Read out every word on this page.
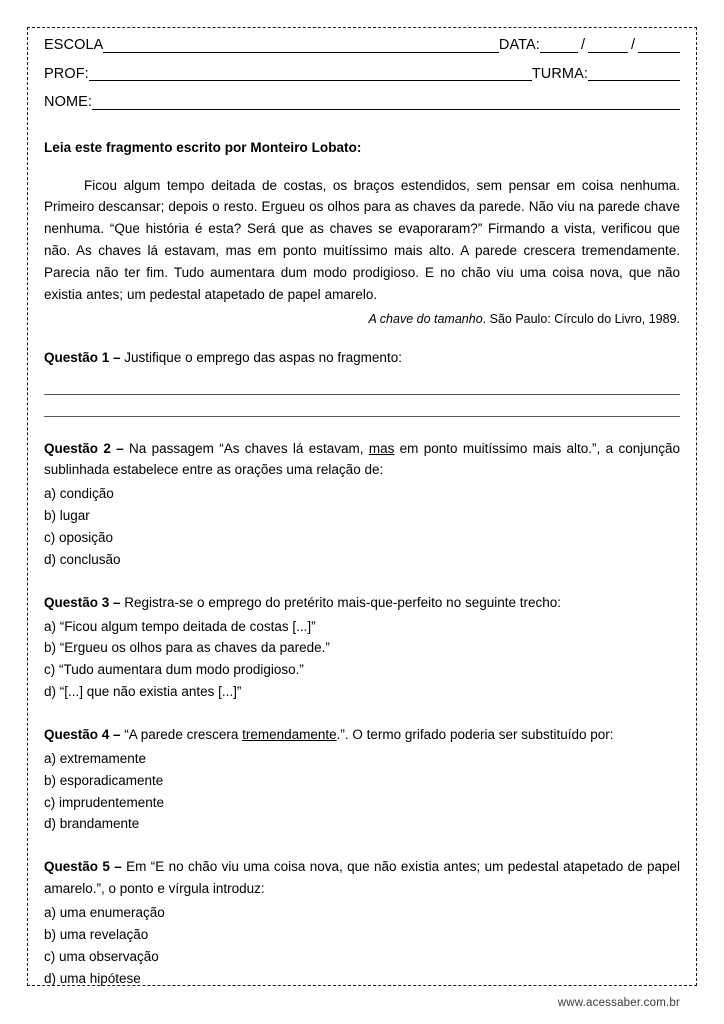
ESCOLA	DATA:	/	/
PROF:	TURMA:
NOME:
Leia este fragmento escrito por Monteiro Lobato:
Ficou algum tempo deitada de costas, os braços estendidos, sem pensar em coisa nenhuma. Primeiro descansar; depois o resto. Ergueu os olhos para as chaves da parede. Não viu na parede chave nenhuma. “Que história é esta? Será que as chaves se evaporaram?” Firmando a vista, verificou que não. As chaves lá estavam, mas em ponto muitíssimo mais alto. A parede crescera tremendamente. Parecia não ter fim. Tudo aumentara dum modo prodigioso. E no chão viu uma coisa nova, que não existia antes; um pedestal atapetado de papel amarelo.
A chave do tamanho. São Paulo: Círculo do Livro, 1989.
Questão 1 – Justifique o emprego das aspas no fragmento:
Questão 2 – Na passagem “As chaves lá estavam, mas em ponto muitíssimo mais alto.”, a conjunção sublinhada estabelece entre as orações uma relação de:
a) condição
b) lugar
c) oposição
d) conclusão
Questão 3 – Registra-se o emprego do pretérito mais-que-perfeito no seguinte trecho:
a) “Ficou algum tempo deitada de costas [...]”
b) “Ergueu os olhos para as chaves da parede.”
c) “Tudo aumentara dum modo prodigioso.”
d) “[...] que não existia antes [...]”
Questão 4 – “A parede crescera tremendamente.”. O termo grifado poderia ser substituído por:
a) extremamente
b) esporadicamente
c) imprudentemente
d) brandamente
Questão 5 – Em “E no chão viu uma coisa nova, que não existia antes; um pedestal atapetado de papel amarelo.”, o ponto e vírgula introduz:
a) uma enumeração
b) uma revelação
c) uma observação
d) uma hipótese
www.acessaber.com.br
